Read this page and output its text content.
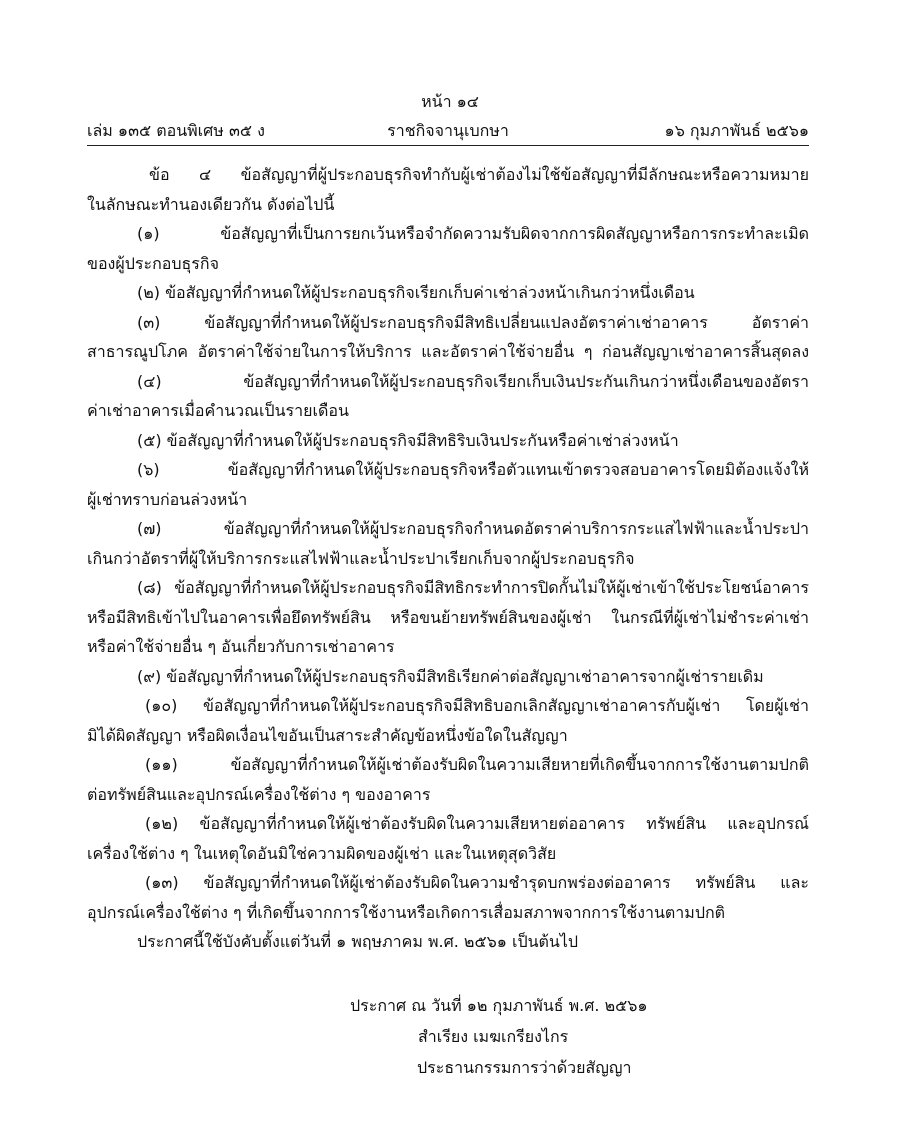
หน้า ๑๔
ราชกิจจานุเบกษา
เล่ม ๑๓๕ ตอนพิเศษ ๓๕ ง	๑๖ กุมภาพันธ์ ๒๕๖๑
ข้อ ๔ ข้อสัญญาที่ผู้ประกอบธุรกิจทำกับผู้เช่าต้องไม่ใช้ข้อสัญญาที่มีลักษณะหรือความหมาย
ในลักษณะทำนองเดียวกัน ดังต่อไปนี้
(๑) ข้อสัญญาที่เป็นการยกเว้นหรือจำกัดความรับผิดจากการผิดสัญญาหรือการกระทำละเมิด
ของผู้ประกอบธุรกิจ
(๒) ข้อสัญญาที่กำหนดให้ผู้ประกอบธุรกิจเรียกเก็บค่าเช่าล่วงหน้าเกินกว่าหนึ่งเดือน
(๓) ข้อสัญญาที่กำหนดให้ผู้ประกอบธุรกิจมีสิทธิเปลี่ยนแปลงอัตราค่าเช่าอาคาร อัตราค่า
สาธารณูปโภค อัตราค่าใช้จ่ายในการให้บริการ และอัตราค่าใช้จ่ายอื่น ๆ ก่อนสัญญาเช่าอาคารสิ้นสุดลง
(๔) ข้อสัญญาที่กำหนดให้ผู้ประกอบธุรกิจเรียกเก็บเงินประกันเกินกว่าหนึ่งเดือนของอัตรา
ค่าเช่าอาคารเมื่อคำนวณเป็นรายเดือน
(๕) ข้อสัญญาที่กำหนดให้ผู้ประกอบธุรกิจมีสิทธิริบเงินประกันหรือค่าเช่าล่วงหน้า
(๖) ข้อสัญญาที่กำหนดให้ผู้ประกอบธุรกิจหรือตัวแทนเข้าตรวจสอบอาคารโดยมิต้องแจ้งให้
ผู้เช่าทราบก่อนล่วงหน้า
(๗) ข้อสัญญาที่กำหนดให้ผู้ประกอบธุรกิจกำหนดอัตราค่าบริการกระแสไฟฟ้าและน้ำประปา
เกินกว่าอัตราที่ผู้ให้บริการกระแสไฟฟ้าและน้ำประปาเรียกเก็บจากผู้ประกอบธุรกิจ
(๘) ข้อสัญญาที่กำหนดให้ผู้ประกอบธุรกิจมีสิทธิกระทำการปิดกั้นไม่ให้ผู้เช่าเข้าใช้ประโยชน์อาคาร
หรือมีสิทธิเข้าไปในอาคารเพื่อยึดทรัพย์สิน หรือขนย้ายทรัพย์สินของผู้เช่า ในกรณีที่ผู้เช่าไม่ชำระค่าเช่า
หรือค่าใช้จ่ายอื่น ๆ อันเกี่ยวกับการเช่าอาคาร
(๙) ข้อสัญญาที่กำหนดให้ผู้ประกอบธุรกิจมีสิทธิเรียกค่าต่อสัญญาเช่าอาคารจากผู้เช่ารายเดิม
(๑๐) ข้อสัญญาที่กำหนดให้ผู้ประกอบธุรกิจมีสิทธิบอกเลิกสัญญาเช่าอาคารกับผู้เช่า โดยผู้เช่า
มิได้ผิดสัญญา หรือผิดเงื่อนไขอันเป็นสาระสำคัญข้อหนึ่งข้อใดในสัญญา
(๑๑) ข้อสัญญาที่กำหนดให้ผู้เช่าต้องรับผิดในความเสียหายที่เกิดขึ้นจากการใช้งานตามปกติ
ต่อทรัพย์สินและอุปกรณ์เครื่องใช้ต่าง ๆ ของอาคาร
(๑๒) ข้อสัญญาที่กำหนดให้ผู้เช่าต้องรับผิดในความเสียหายต่ออาคาร ทรัพย์สิน และอุปกรณ์
เครื่องใช้ต่าง ๆ ในเหตุใดอันมิใช่ความผิดของผู้เช่า และในเหตุสุดวิสัย
(๑๓) ข้อสัญญาที่กำหนดให้ผู้เช่าต้องรับผิดในความชำรุดบกพร่องต่ออาคาร ทรัพย์สิน และ
อุปกรณ์เครื่องใช้ต่าง ๆ ที่เกิดขึ้นจากการใช้งานหรือเกิดการเสื่อมสภาพจากการใช้งานตามปกติ
ประกาศนี้ใช้บังคับตั้งแต่วันที่ ๑ พฤษภาคม พ.ศ. ๒๕๖๑ เป็นต้นไป
ประกาศ ณ วันที่ ๑๒ กุมภาพันธ์ พ.ศ. ๒๕๖๑
สำเรียง เมฆเกรียงไกร
ประธานกรรมการว่าด้วยสัญญา
